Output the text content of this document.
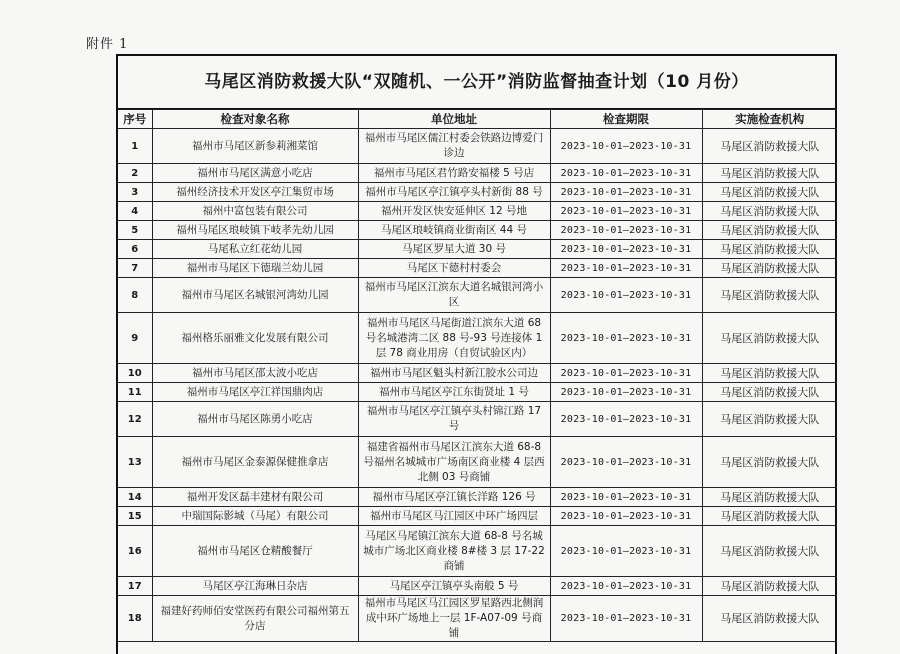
附件 1
马尾区消防救援大队“双随机、一公开”消防监督抽查计划（10 月份）
序号	检查对象名称	单位地址	检查期限	实施检查机构
1	福州市马尾区新参莉湘菜馆	福州市马尾区儒江村委会铁路边博爱门诊边	2023-10-01—2023-10-31	马尾区消防救援大队
2	福州市马尾区满意小吃店	福州市马尾区君竹路安福楼 5 号店	2023-10-01—2023-10-31	马尾区消防救援大队
3	福州经济技术开发区亭江集贸市场	福州市马尾区亭江镇亭头村新街 88 号	2023-10-01—2023-10-31	马尾区消防救援大队
4	福州中富包装有限公司	福州开发区快安延伸区 12 号地	2023-10-01—2023-10-31	马尾区消防救援大队
5	福州马尾区琅岐镇下岐孝先幼儿园	马尾区琅岐镇商业街南区 44 号	2023-10-01—2023-10-31	马尾区消防救援大队
6	马尾私立红花幼儿园	马尾区罗星大道 30 号	2023-10-01—2023-10-31	马尾区消防救援大队
7	福州市马尾区下德瑞兰幼儿园	马尾区下德村村委会	2023-10-01—2023-10-31	马尾区消防救援大队
8	福州市马尾区名城银河湾幼儿园	福州市马尾区江滨东大道名城银河湾小区	2023-10-01—2023-10-31	马尾区消防救援大队
9	福州格乐丽雅文化发展有限公司	福州市马尾区马尾街道江滨东大道 68 号名城港湾二区 88 号-93 号连接体 1 层 78 商业用房（自贸试验区内）	2023-10-01—2023-10-31	马尾区消防救援大队
10	福州市马尾区邵太波小吃店	福州市马尾区魁头村新江胶水公司边	2023-10-01—2023-10-31	马尾区消防救援大队
11	福州市马尾区亭江祥国鼎肉店	福州市马尾区亭江东街贤址 1 号	2023-10-01—2023-10-31	马尾区消防救援大队
12	福州市马尾区陈勇小吃店	福州市马尾区亭江镇亭头村锦江路 17 号	2023-10-01—2023-10-31	马尾区消防救援大队
13	福州市马尾区金泰源保健推拿店	福建省福州市马尾区江滨东大道 68-8 号福州名城城市广场南区商业楼 4 层西北侧 03 号商铺	2023-10-01—2023-10-31	马尾区消防救援大队
14	福州开发区磊丰建材有限公司	福州市马尾区亭江镇长洋路 126 号	2023-10-01—2023-10-31	马尾区消防救援大队
15	中瑞国际影城（马尾）有限公司	福州市马尾区马江园区中环广场四层	2023-10-01—2023-10-31	马尾区消防救援大队
16	福州市马尾区仓精酸餐厅	马尾区马尾镇江滨东大道 68-8 号名城城市广场北区商业楼 8#楼 3 层 17-22 商铺	2023-10-01—2023-10-31	马尾区消防救援大队
17	马尾区亭江海琳日杂店	马尾区亭江镇亭头南般 5 号	2023-10-01—2023-10-31	马尾区消防救援大队
18	福建好药师佰安堂医药有限公司福州第五分店	福州市马尾区马江园区罗星路西北侧润成中环广场地上一层 1F-A07-09 号商铺	2023-10-01—2023-10-31	马尾区消防救援大队
